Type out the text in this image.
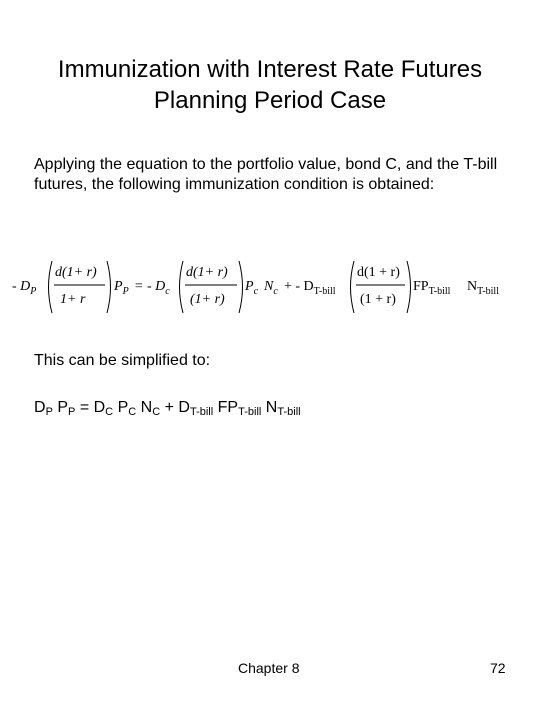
Immunization with Interest Rate Futures
Planning Period Case
Applying the equation to the portfolio value, bond C, and the T-bill futures, the following immunization condition is obtained:
- $D_P$
d(1+ r)
1+ r
$P_P$ = - $D_c$
d(1+ r)
(1+ r)
$P_c$ $N_c$ + - $D_{T-bill}$
d(1 + r)
(1 + r)
$FP_{T-bill}$ $N_{T-bill}$
This can be simplified to:
$D_P$ $P_P = D_C$ $P_C$ $N_C + D_{T-bill}$ $FP_{T-bill}$ $N_{T-bill}$
Chapter 8	72
